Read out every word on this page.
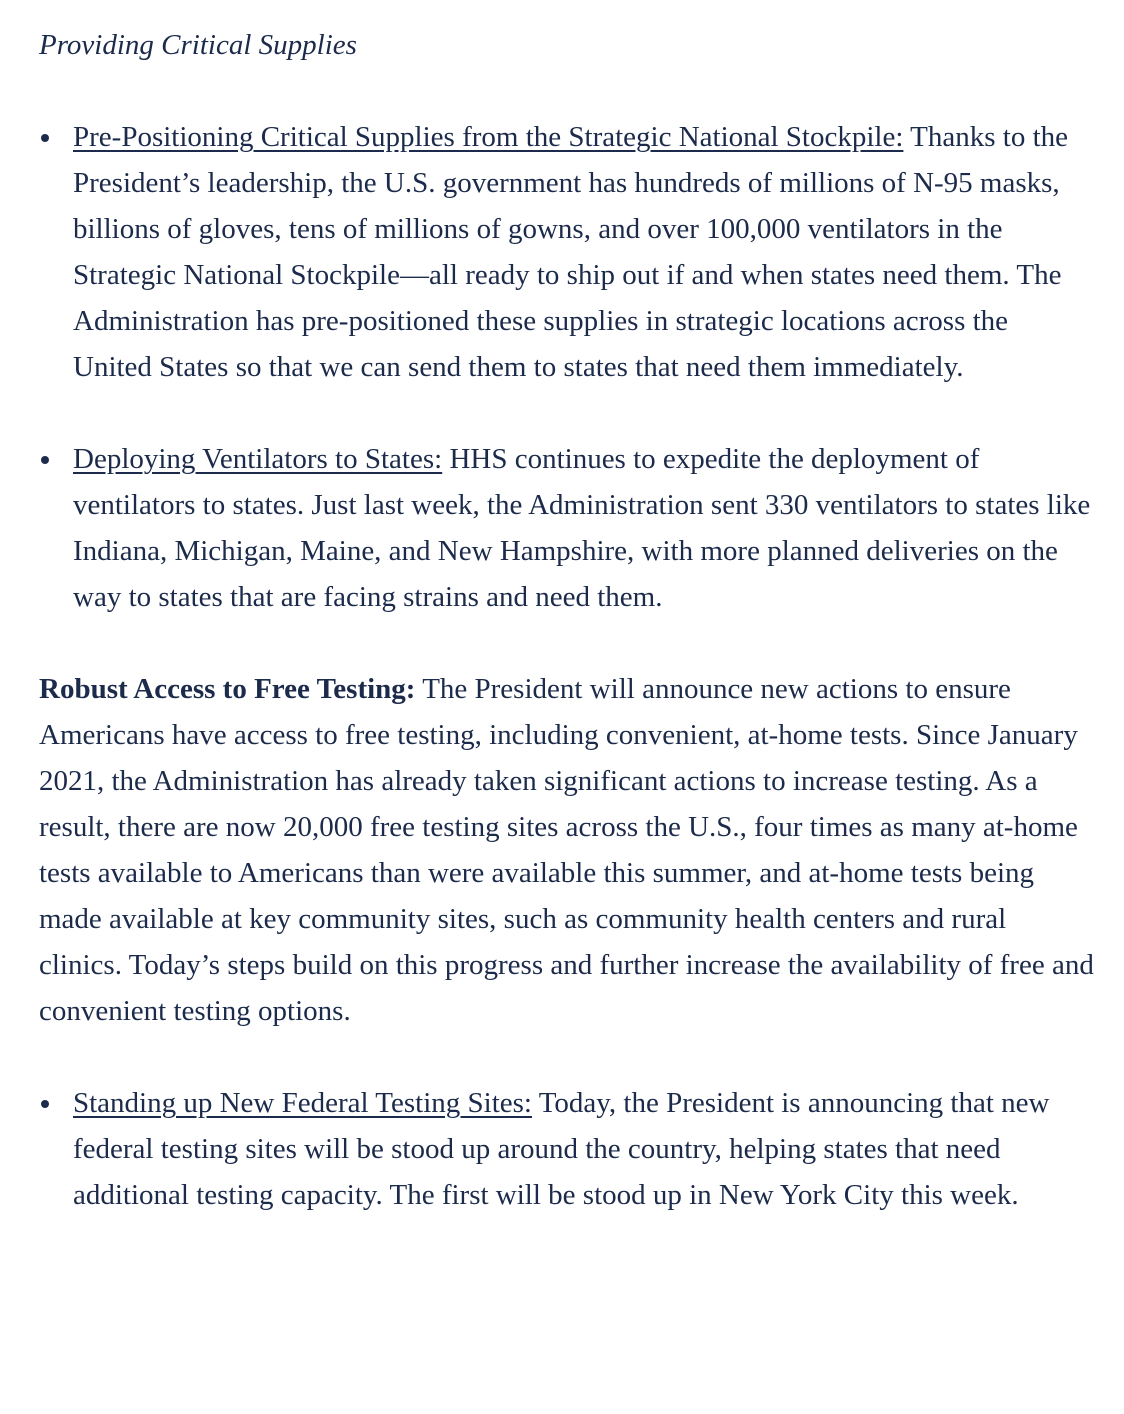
Providing Critical Supplies

Pre-Positioning Critical Supplies from the Strategic National Stockpile: Thanks to the President’s leadership, the U.S. government has hundreds of millions of N-95 masks, billions of gloves, tens of millions of gowns, and over 100,000 ventilators in the Strategic National Stockpile—all ready to ship out if and when states need them. The Administration has pre-positioned these supplies in strategic locations across the United States so that we can send them to states that need them immediately.
Deploying Ventilators to States: HHS continues to expedite the deployment of ventilators to states. Just last week, the Administration sent 330 ventilators to states like Indiana, Michigan, Maine, and New Hampshire, with more planned deliveries on the way to states that are facing strains and need them.

Robust Access to Free Testing: The President will announce new actions to ensure Americans have access to free testing, including convenient, at-home tests. Since January 2021, the Administration has already taken significant actions to increase testing. As a result, there are now 20,000 free testing sites across the U.S., four times as many at-home tests available to Americans than were available this summer, and at-home tests being made available at key community sites, such as community health centers and rural clinics. Today’s steps build on this progress and further increase the availability of free and convenient testing options.

Standing up New Federal Testing Sites: Today, the President is announcing that new federal testing sites will be stood up around the country, helping states that need additional testing capacity. The first will be stood up in New York City this week.
